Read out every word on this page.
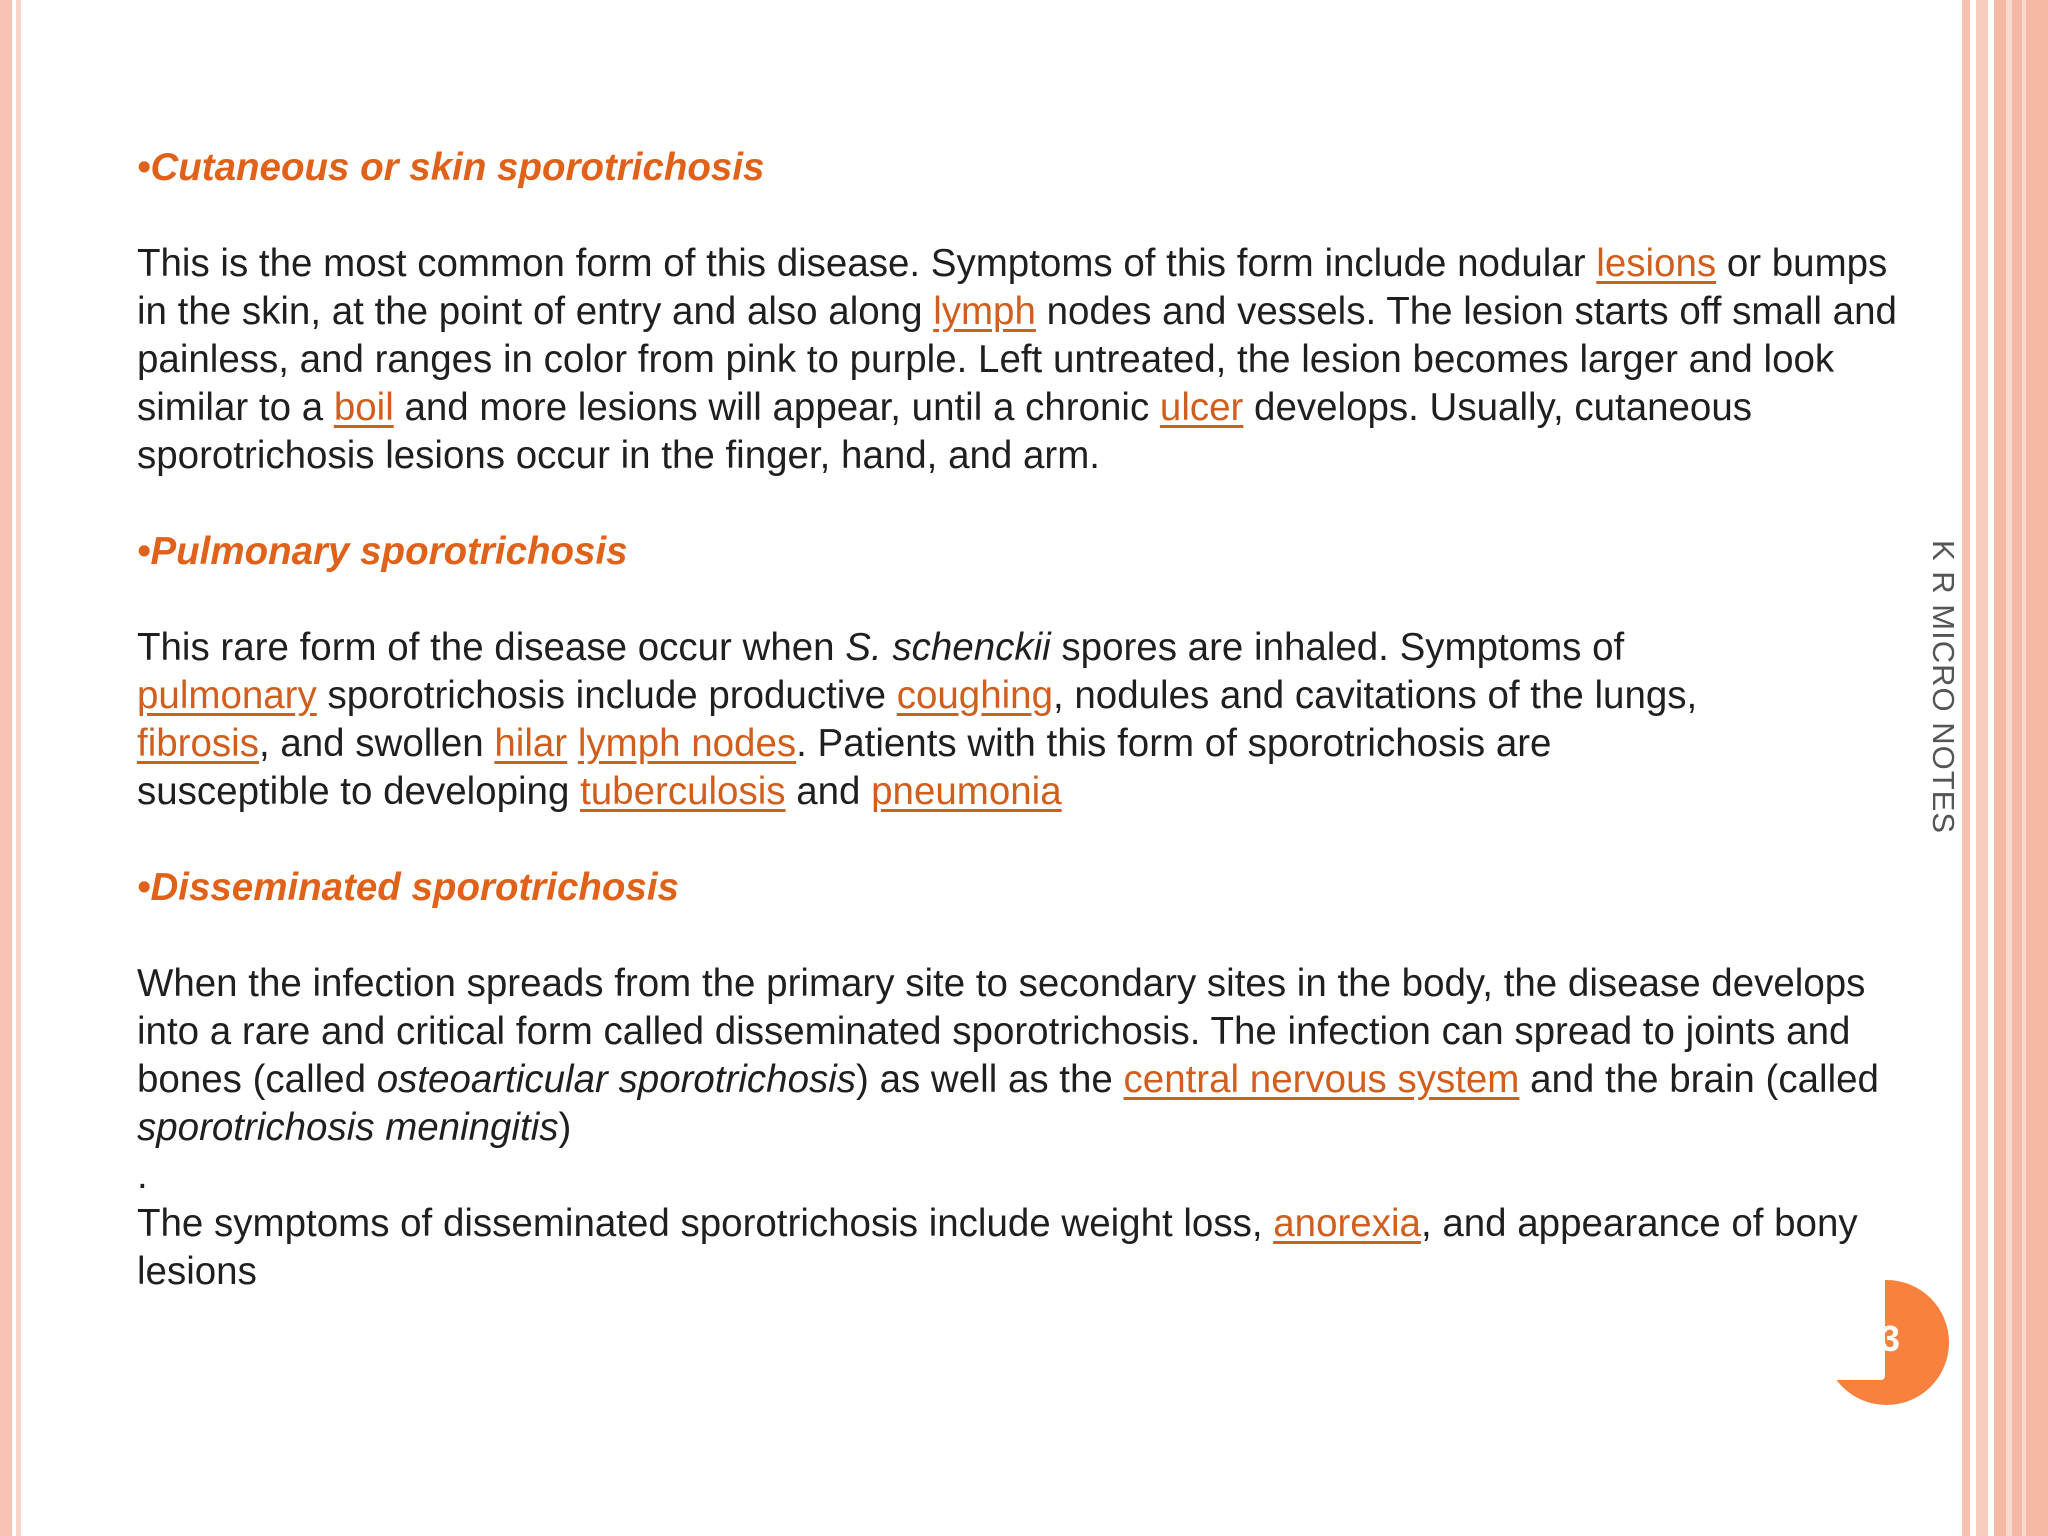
•Cutaneous or skin sporotrichosis

This is the most common form of this disease. Symptoms of this form include nodular lesions or bumps in the skin, at the point of entry and also along lymph nodes and vessels. The lesion starts off small and painless, and ranges in color from pink to purple. Left untreated, the lesion becomes larger and look similar to a boil and more lesions will appear, until a chronic ulcer develops. Usually, cutaneous sporotrichosis lesions occur in the finger, hand, and arm.

•Pulmonary sporotrichosis

This rare form of the disease occur when S. schenckii spores are inhaled. Symptoms of pulmonary sporotrichosis include productive coughing, nodules and cavitations of the lungs, fibrosis, and swollen hilar lymph nodes. Patients with this form of sporotrichosis are susceptible to developing tuberculosis and pneumonia

•Disseminated sporotrichosis

When the infection spreads from the primary site to secondary sites in the body, the disease develops into a rare and critical form called disseminated sporotrichosis. The infection can spread to joints and bones (called osteoarticular sporotrichosis) as well as the central nervous system and the brain (called sporotrichosis meningitis)

.

The symptoms of disseminated sporotrichosis include weight loss, anorexia, and appearance of bony lesions

K R MICRO NOTES
3
